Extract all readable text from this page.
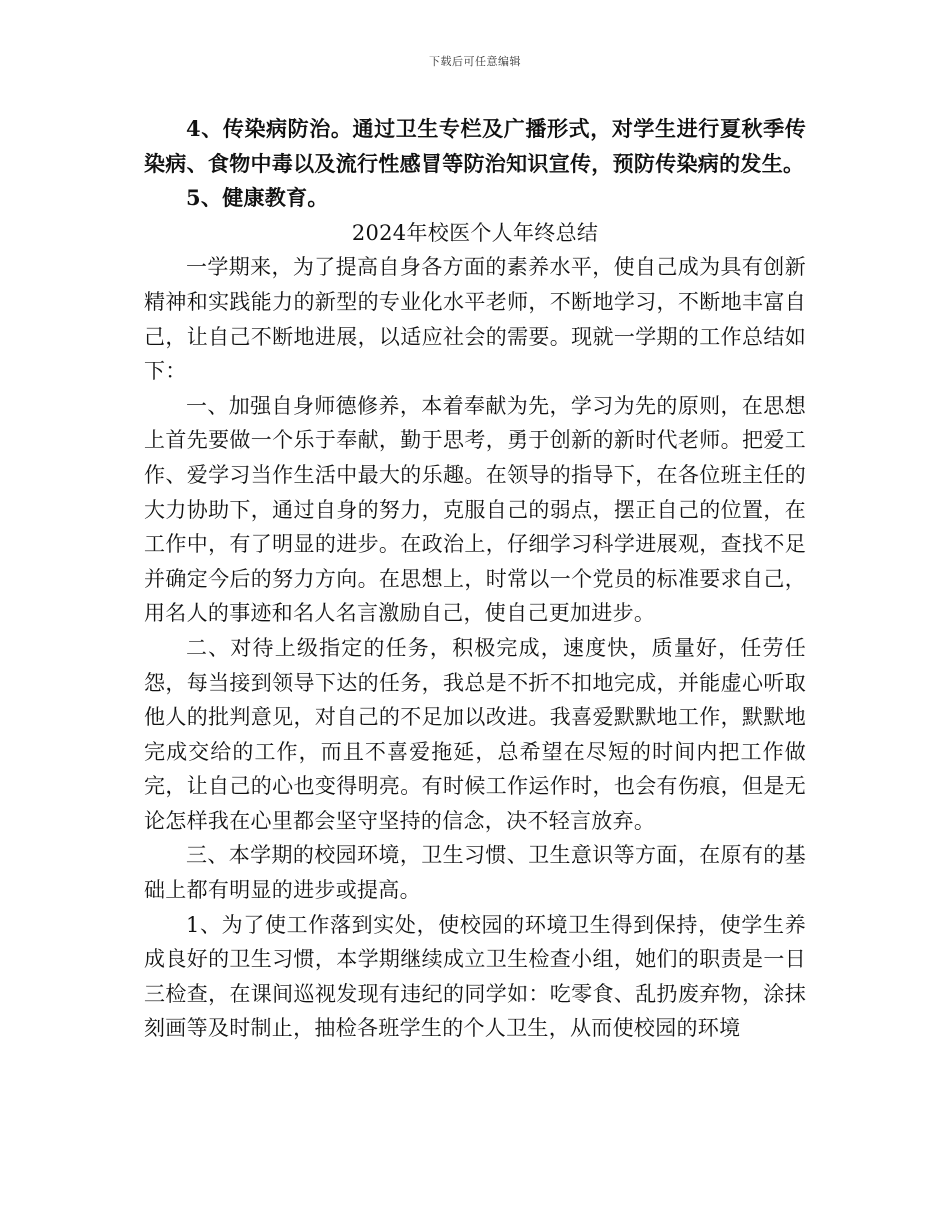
下载后可任意编辑

4、传染病防治。通过卫生专栏及广播形式，对学生进行夏秋季传染病、食物中毒以及流行性感冒等防治知识宣传，预防传染病的发生。

5、健康教育。

2024年校医个人年终总结

一学期来，为了提高自身各方面的素养水平，使自己成为具有创新精神和实践能力的新型的专业化水平老师，不断地学习，不断地丰富自己，让自己不断地进展，以适应社会的需要。现就一学期的工作总结如下：

一、加强自身师德修养，本着奉献为先，学习为先的原则，在思想上首先要做一个乐于奉献，勤于思考，勇于创新的新时代老师。把爱工作、爱学习当作生活中最大的乐趣。在领导的指导下，在各位班主任的大力协助下，通过自身的努力，克服自己的弱点，摆正自己的位置，在工作中，有了明显的进步。在政治上，仔细学习科学进展观，查找不足并确定今后的努力方向。在思想上，时常以一个党员的标准要求自己，用名人的事迹和名人名言激励自己，使自己更加进步。

二、对待上级指定的任务，积极完成，速度快，质量好，任劳任怨，每当接到领导下达的任务，我总是不折不扣地完成，并能虚心听取他人的批判意见，对自己的不足加以改进。我喜爱默默地工作，默默地完成交给的工作，而且不喜爱拖延，总希望在尽短的时间内把工作做完，让自己的心也变得明亮。有时候工作运作时，也会有伤痕，但是无论怎样我在心里都会坚守坚持的信念，决不轻言放弃。

三、本学期的校园环境，卫生习惯、卫生意识等方面，在原有的基础上都有明显的进步或提高。

1、为了使工作落到实处，使校园的环境卫生得到保持，使学生养成良好的卫生习惯，本学期继续成立卫生检查小组，她们的职责是一日三检查，在课间巡视发现有违纪的同学如：吃零食、乱扔废弃物，涂抹刻画等及时制止，抽检各班学生的个人卫生，从而使校园的环境
